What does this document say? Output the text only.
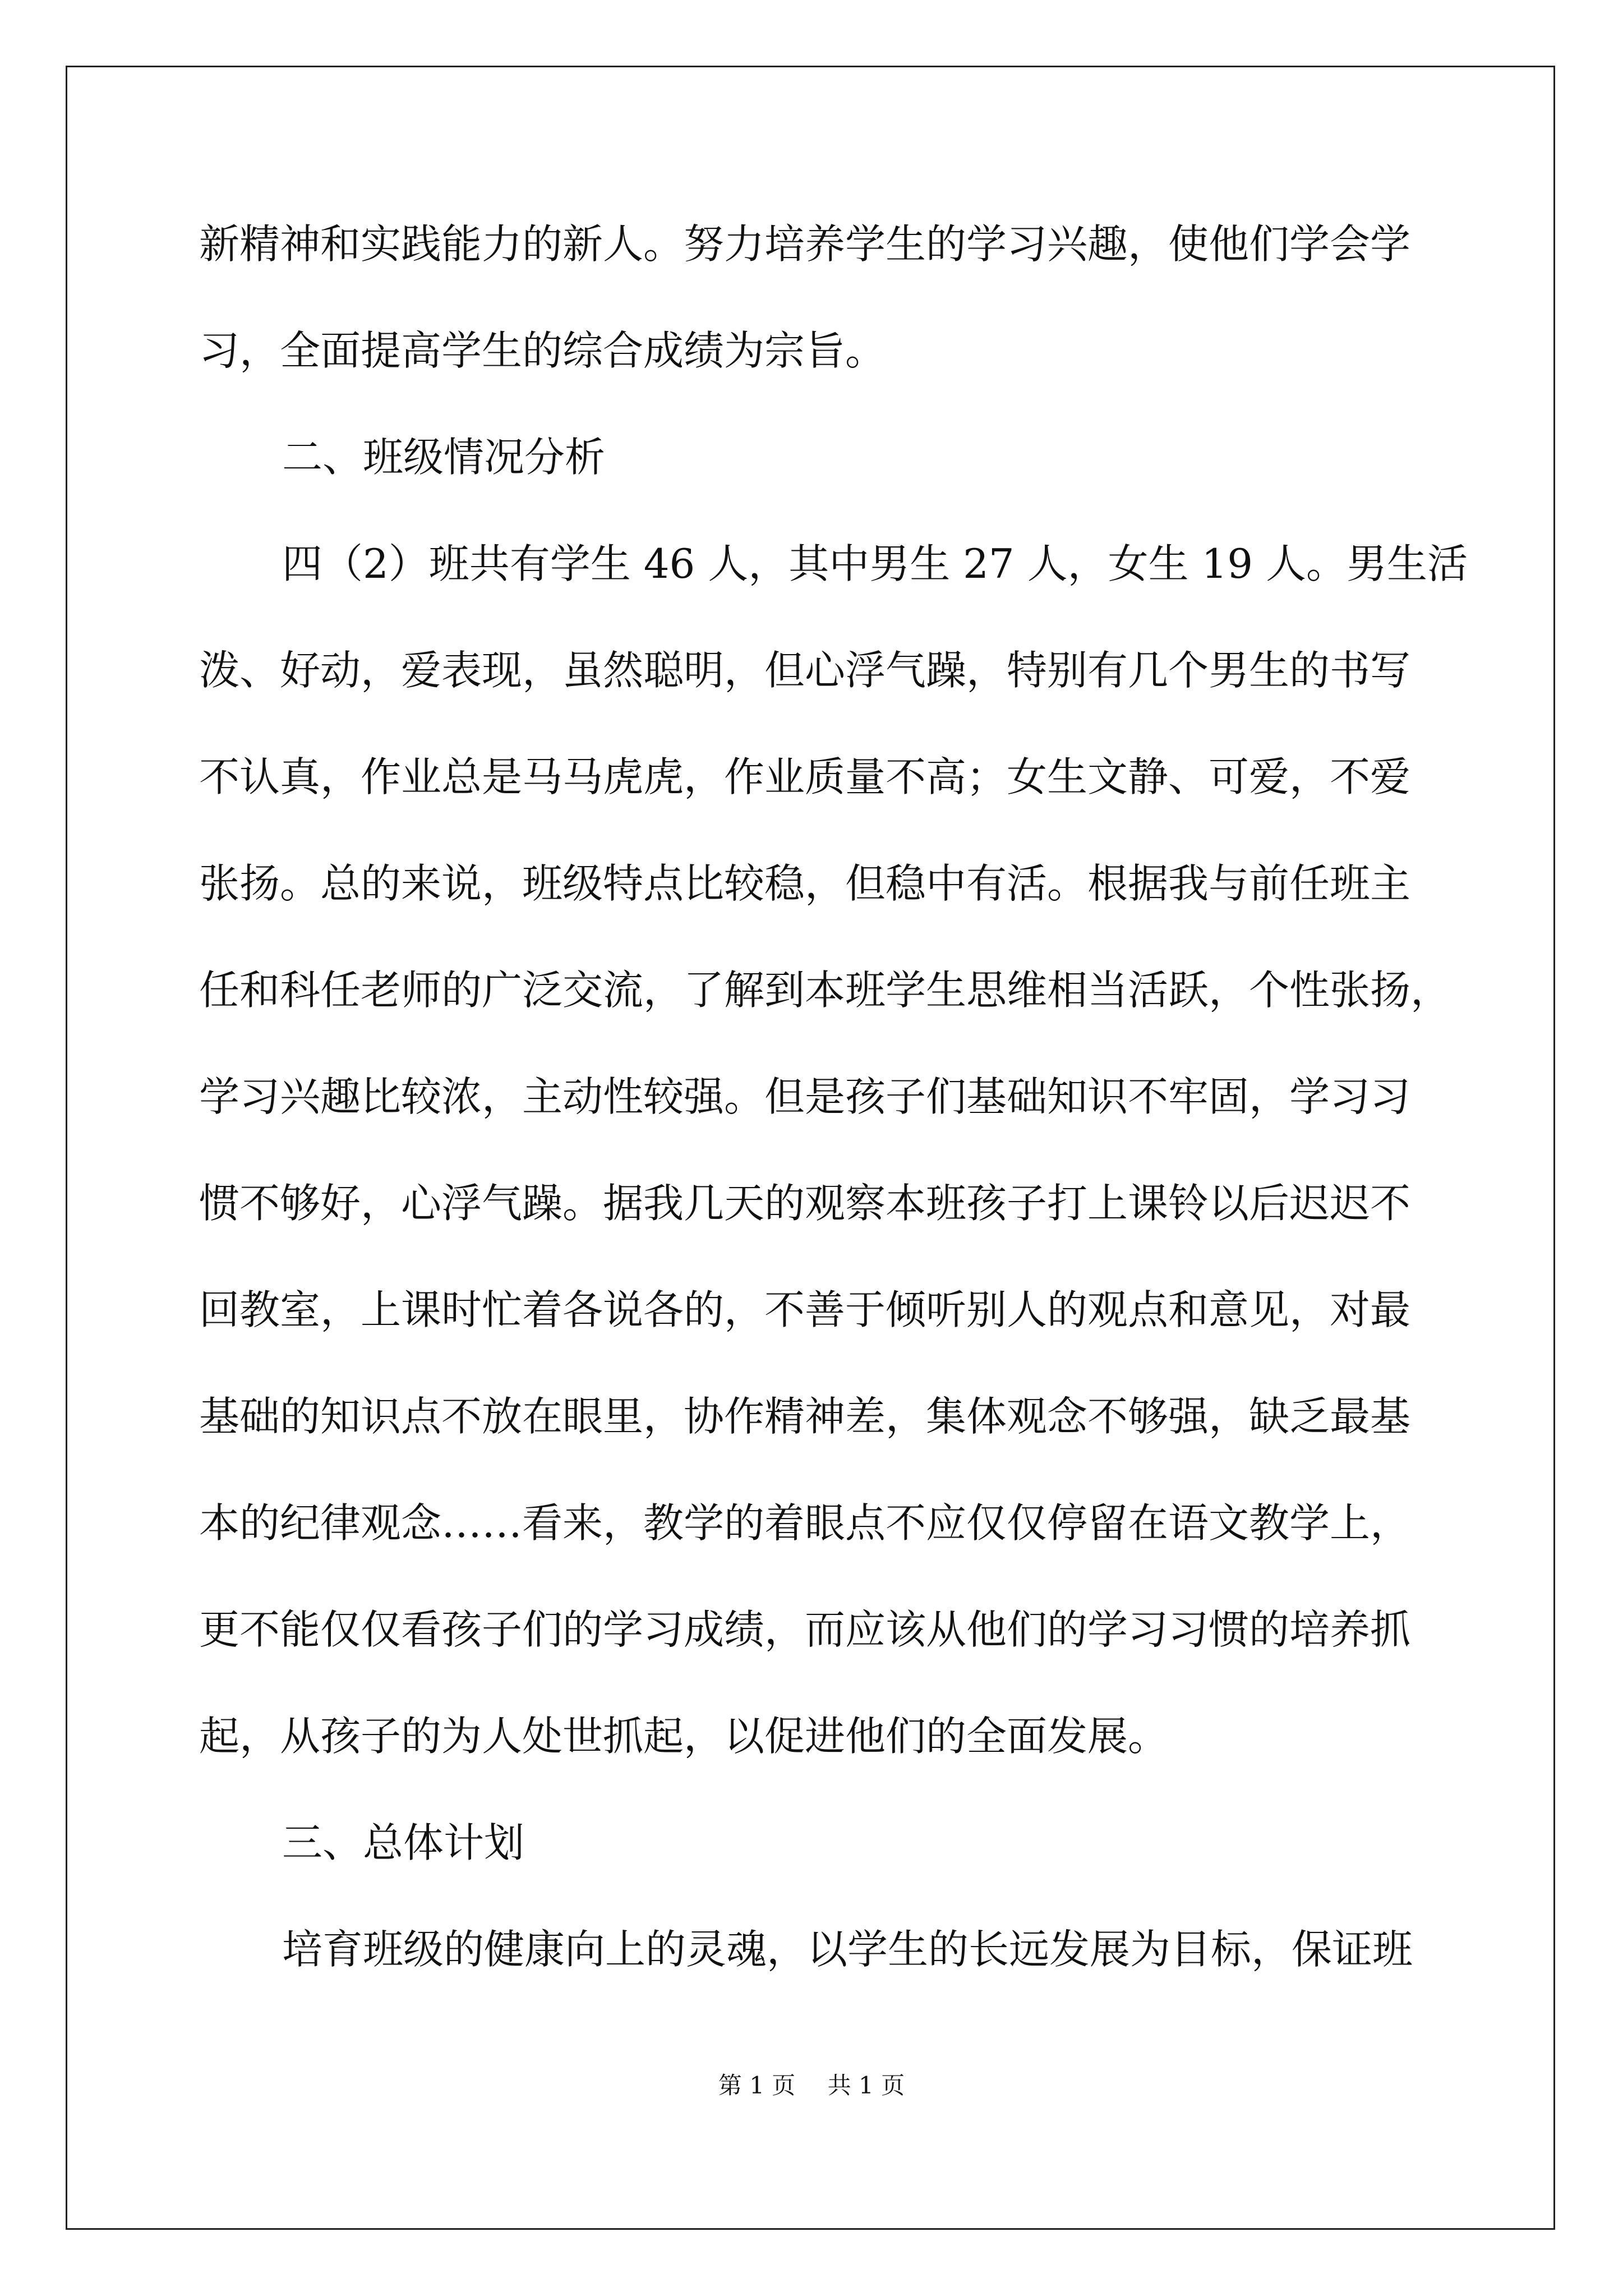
新精神和实践能力的新人。努力培养学生的学习兴趣，使他们学会学
习，全面提高学生的综合成绩为宗旨。
二、班级情况分析
四（2）班共有学生 46 人，其中男生 27 人，女生 19 人。男生活
泼、好动，爱表现，虽然聪明，但心浮气躁，特别有几个男生的书写
不认真，作业总是马马虎虎，作业质量不高；女生文静、可爱，不爱
张扬。总的来说，班级特点比较稳，但稳中有活。根据我与前任班主
任和科任老师的广泛交流，了解到本班学生思维相当活跃，个性张扬，
学习兴趣比较浓，主动性较强。但是孩子们基础知识不牢固，学习习
惯不够好，心浮气躁。据我几天的观察本班孩子打上课铃以后迟迟不
回教室，上课时忙着各说各的，不善于倾听别人的观点和意见，对最
基础的知识点不放在眼里，协作精神差，集体观念不够强，缺乏最基
本的纪律观念……看来，教学的着眼点不应仅仅停留在语文教学上，
更不能仅仅看孩子们的学习成绩，而应该从他们的学习习惯的培养抓
起，从孩子的为人处世抓起，以促进他们的全面发展。
三、总体计划
培育班级的健康向上的灵魂，以学生的长远发展为目标，保证班
第 1 页 共 1 页
